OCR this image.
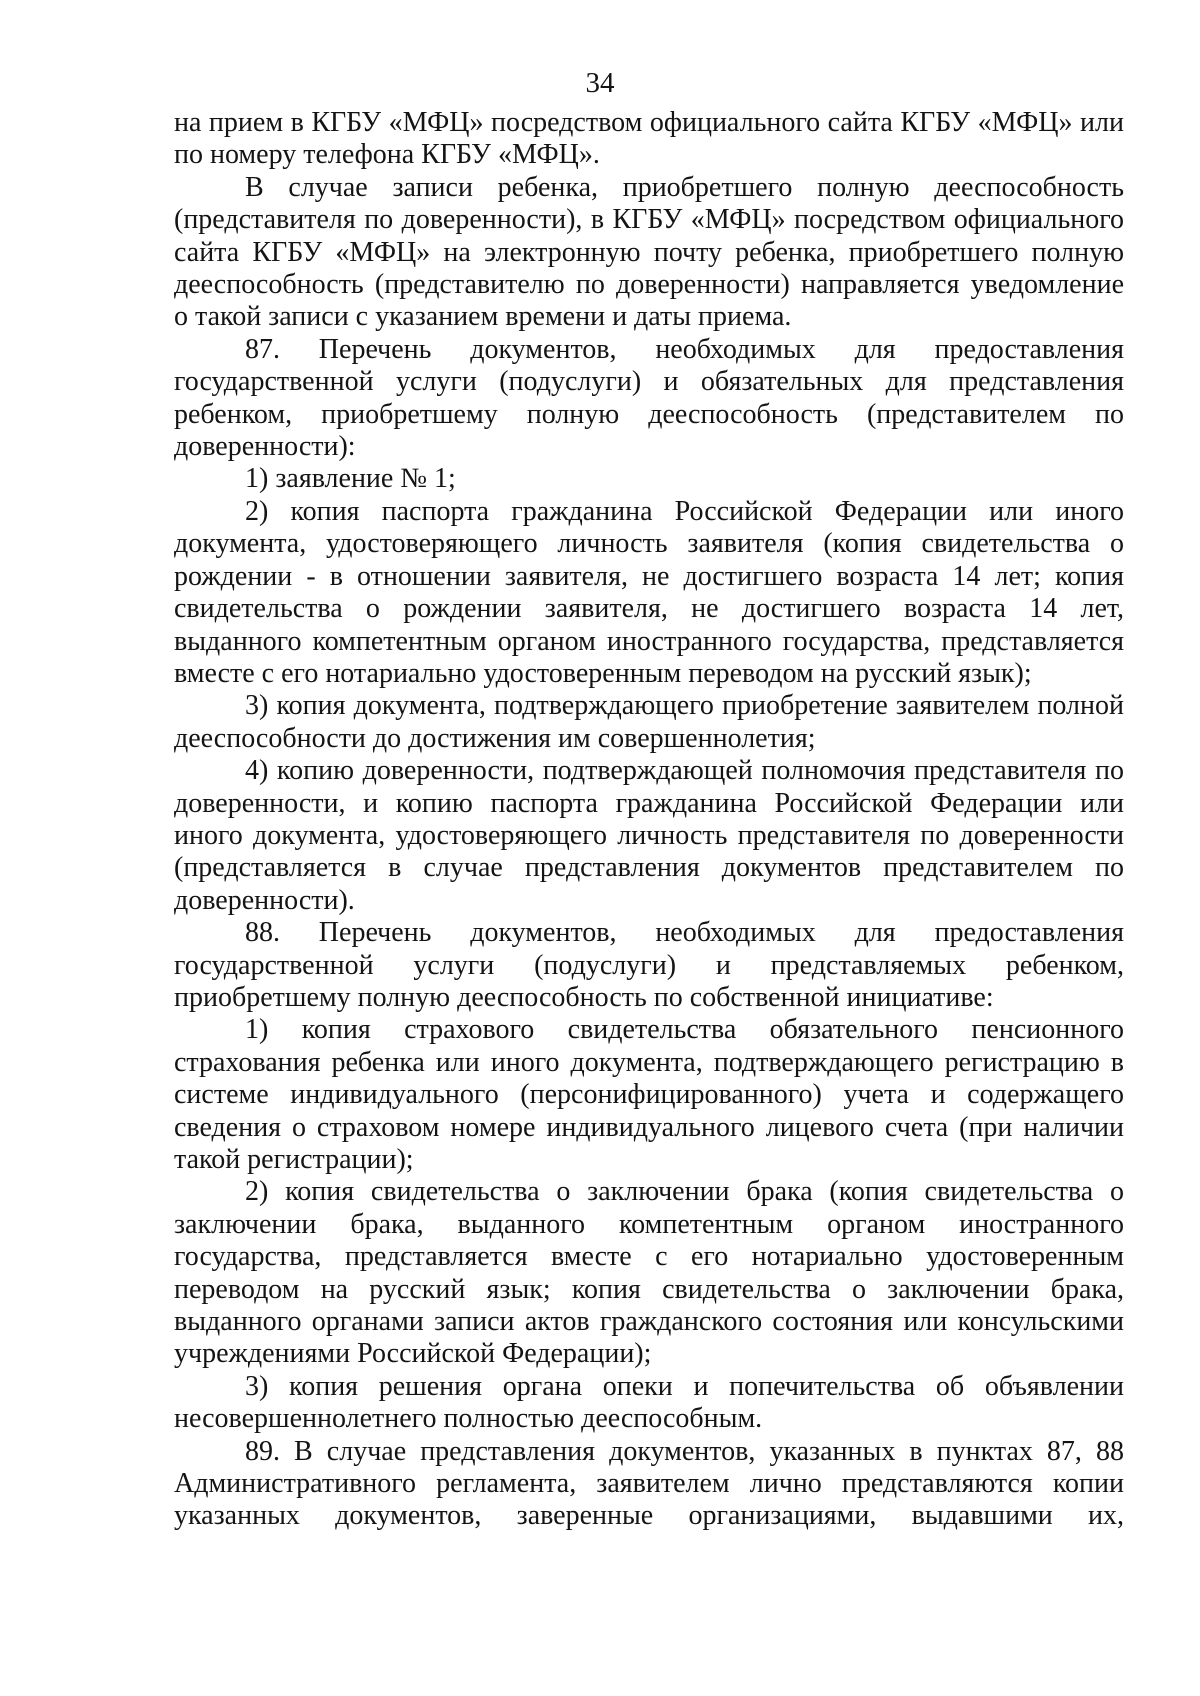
34

на прием в КГБУ «МФЦ» посредством официального сайта КГБУ «МФЦ» или по номеру телефона КГБУ «МФЦ».

В случае записи ребенка, приобретшего полную дееспособность (представителя по доверенности), в КГБУ «МФЦ» посредством официального сайта КГБУ «МФЦ» на электронную почту ребенка, приобретшего полную дееспособность (представителю по доверенности) направляется уведомление о такой записи с указанием времени и даты приема.

87. Перечень документов, необходимых для предоставления государственной услуги (подуслуги) и обязательных для представления ребенком, приобретшему полную дееспособность (представителем по доверенности):

1) заявление № 1;

2) копия паспорта гражданина Российской Федерации или иного документа, удостоверяющего личность заявителя (копия свидетельства о рождении - в отношении заявителя, не достигшего возраста 14 лет; копия свидетельства о рождении заявителя, не достигшего возраста 14 лет, выданного компетентным органом иностранного государства, представляется вместе с его нотариально удостоверенным переводом на русский язык);

3) копия документа, подтверждающего приобретение заявителем полной дееспособности до достижения им совершеннолетия;

4) копию доверенности, подтверждающей полномочия представителя по доверенности, и копию паспорта гражданина Российской Федерации или иного документа, удостоверяющего личность представителя по доверенности (представляется в случае представления документов представителем по доверенности).

88. Перечень документов, необходимых для предоставления государственной услуги (подуслуги) и представляемых ребенком, приобретшему полную дееспособность по собственной инициативе:

1) копия страхового свидетельства обязательного пенсионного страхования ребенка или иного документа, подтверждающего регистрацию в системе индивидуального (персонифицированного) учета и содержащего сведения о страховом номере индивидуального лицевого счета (при наличии такой регистрации);

2) копия свидетельства о заключении брака (копия свидетельства о заключении брака, выданного компетентным органом иностранного государства, представляется вместе с его нотариально удостоверенным переводом на русский язык; копия свидетельства о заключении брака, выданного органами записи актов гражданского состояния или консульскими учреждениями Российской Федерации);

3) копия решения органа опеки и попечительства об объявлении несовершеннолетнего полностью дееспособным.

89. В случае представления документов, указанных в пунктах 87, 88 Административного регламента, заявителем лично представляются копии указанных документов, заверенные организациями, выдавшими их,
